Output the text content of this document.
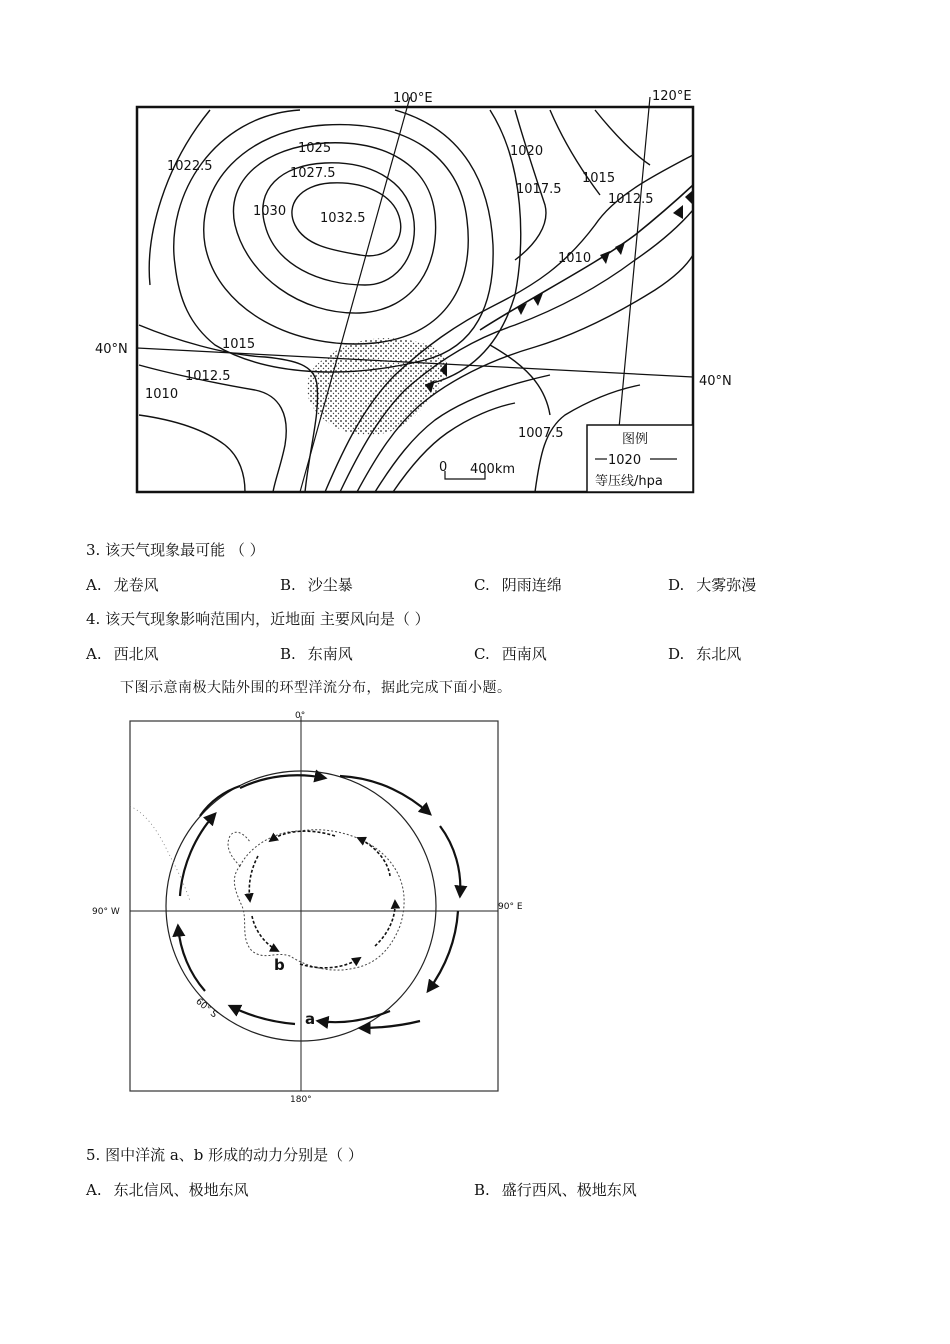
100°E	120°E
40°N
40°N
1025
1022.5	1027.5
1030	1032.5
1020
1017.5
1015
1012.5
1010
1015
1012.5
1010
1007.5
0 400km
图例
1020
等压线/hpa
3. 该天气现象最可能 （ ）
A. 龙卷风	B. 沙尘暴	C. 阴雨连绵	D. 大雾弥漫
4. 该天气现象影响范围内，近地面 主要风向是（ ）
A. 西北风	B. 东南风	C. 西南风	D. 东北风
下图示意南极大陆外围的环型洋流分布，据此完成下面小题。
0°
180°
90° W	90° E
60° S	a
b
5. 图中洋流 a、b 形成的动力分别是（ ）
A. 东北信风、极地东风	B. 盛行西风、极地东风
